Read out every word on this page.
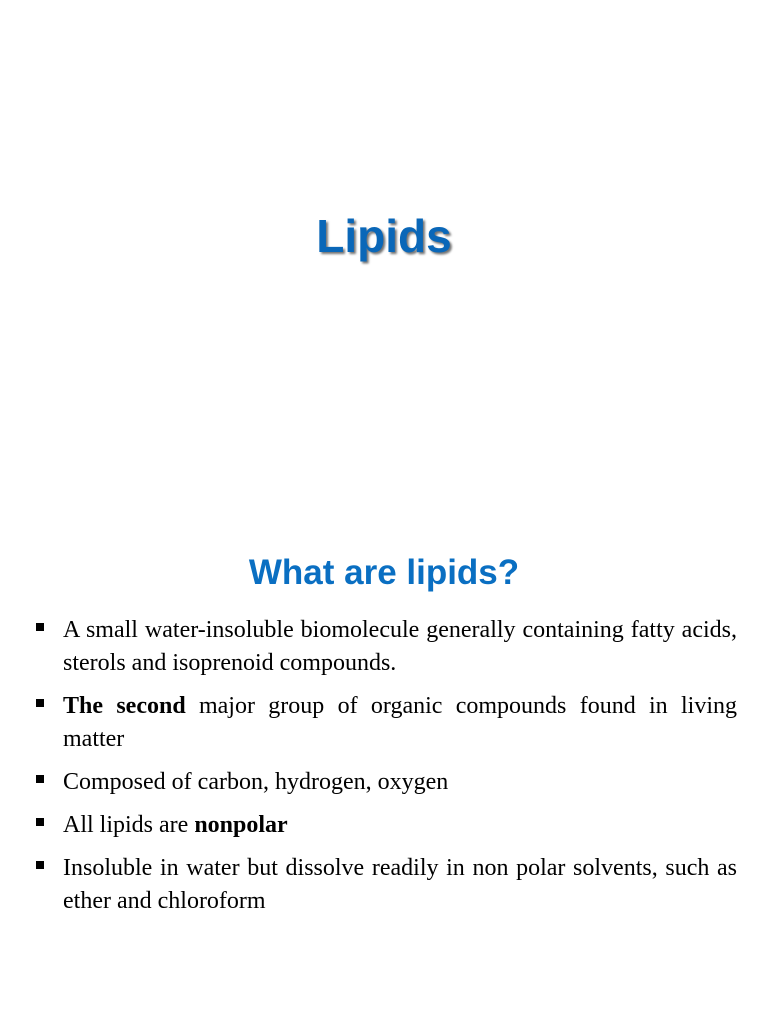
Lipids
What are lipids?
A small water-insoluble biomolecule generally containing fatty acids, sterols and isoprenoid compounds.
The second major group of organic compounds found in living matter
Composed of carbon, hydrogen, oxygen
All lipids are nonpolar
Insoluble in water but dissolve readily in non polar solvents, such as ether and chloroform
